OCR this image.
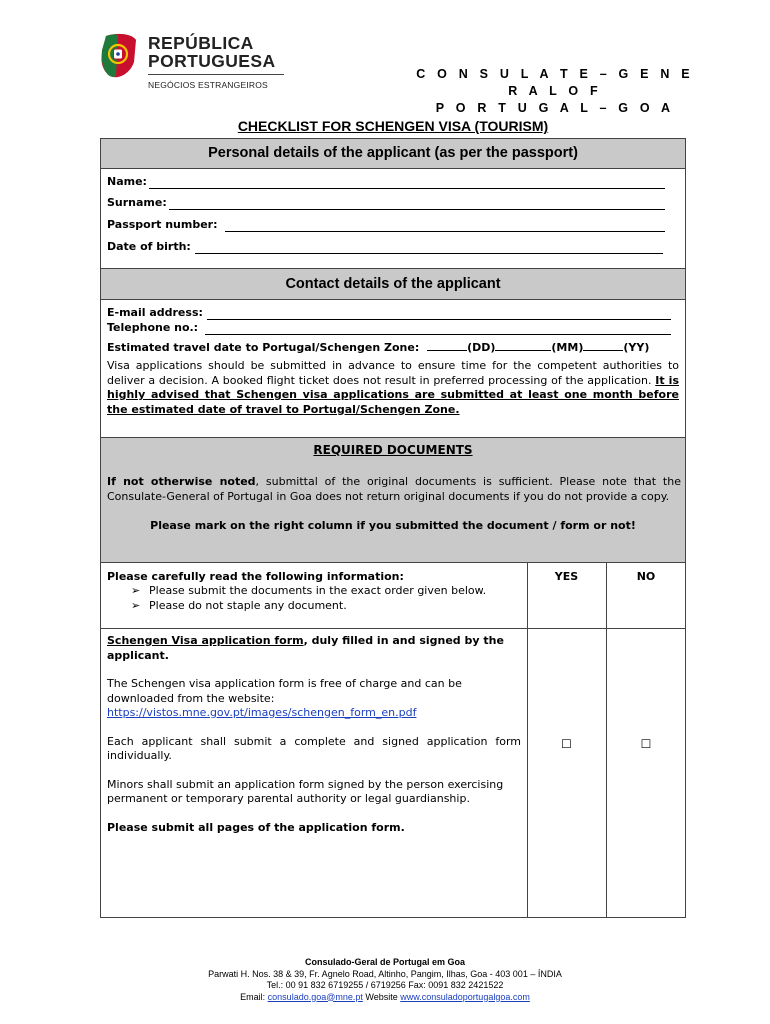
REPÚBLICA
PORTUGUESA
NEGÓCIOS ESTRANGEIROS
C O N S U L A T E – G E N E R A L O F
P O R T U G A L – G O A
CHECKLIST FOR SCHENGEN VISA (TOURISM)
Personal details of the applicant (as per the passport)
Name:
Surname:
Passport number:
Date of birth:
Contact details of the applicant
E-mail address:
Telephone no.:
Estimated travel date to Portugal/Schengen Zone:	(DD)	(MM)	(YY)
Visa applications should be submitted in advance to ensure time for the competent authorities to deliver a decision. A booked flight ticket does not result in preferred processing of the application. It is highly advised that Schengen visa applications are submitted at least one month before the estimated date of travel to Portugal/Schengen Zone.
REQUIRED DOCUMENTS
If not otherwise noted, submittal of the original documents is sufficient. Please note that the Consulate-General of Portugal in Goa does not return original documents if you do not provide a copy.
Please mark on the right column if you submitted the document / form or not!
Please carefully read the following information:	YES	NO
➢ Please submit the documents in the exact order given below.
➢ Please do not staple any document.
Schengen Visa application form, duly filled in and signed by the applicant.
The Schengen visa application form is free of charge and can be downloaded from the website:
https://vistos.mne.gov.pt/images/schengen_form_en.pdf
Each applicant shall submit a complete and signed application form individually.
Minors shall submit an application form signed by the person exercising permanent or temporary parental authority or legal guardianship.
Please submit all pages of the application form.
☐	☐
Consulado-Geral de Portugal em Goa
Parwati H. Nos. 38 & 39, Fr. Agnelo Road, Altinho, Pangim, Ilhas, Goa - 403 001 – ÍNDIA
Tel.: 00 91 832 6719255 / 6719256 Fax: 0091 832 2421522
Email: consulado.goa@mne.pt Website www.consuladoportugalgoa.com
